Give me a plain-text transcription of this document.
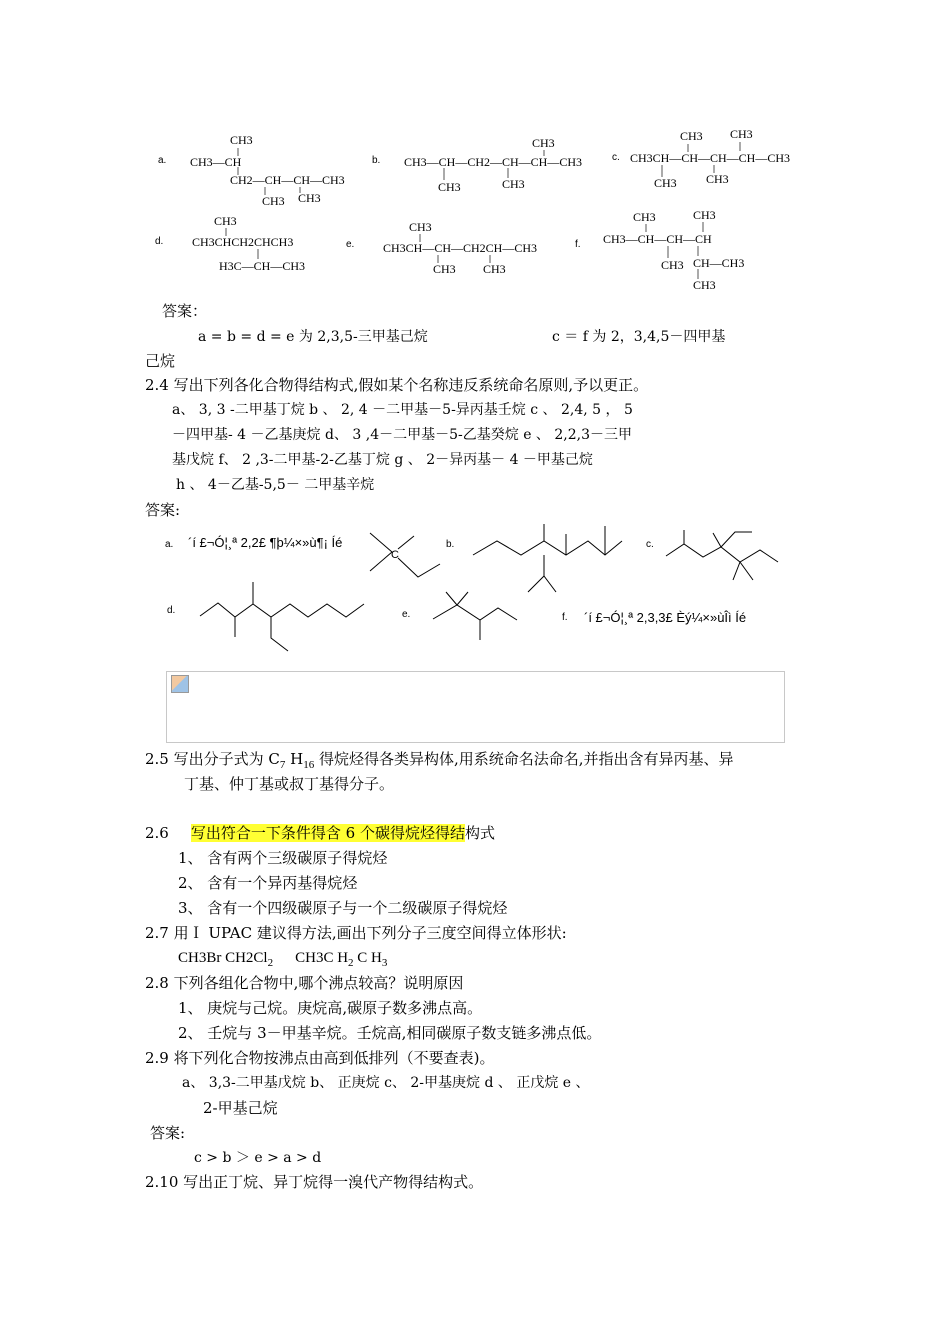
a.

CH3

CH3—CH

CH2—CH—CH—CH3

CH3 CH3

b.

CH3

CH3—CH—CH2—CH—CH—CH3

CH3	CH3

c.

CH3 CH3

CH3CH—CH—CH—CH—CH3

CH3 CH3

d.

CH3

CH3CHCH2CHCH3

H3C—CH—CH3

e.

CH3

CH3CH—CH—CH2CH—CH3

CH3 CH3

f.

CH3	CH3

CH3—CH—CH—CH

CH3 CH—CH3

CH3

答案：
a = b = d = e 为 2,3,5-三甲基己烷	c ＝ f 为 2，3,4,5－四甲基
己烷
2.4 写出下列各化合物得结构式,假如某个名称违反系统命名原则,予以更正。
a、 3, 3 -二甲基丁烷 b 、 2, 4 －二甲基－5-异丙基壬烷 c 、 2,4, 5 ， 5
－四甲基- 4 －乙基庚烷 d、 3 ,4－二甲基－5-乙基癸烷 e 、 2,2,3－三甲
基戊烷 f、 2 ,3-二甲基-2-乙基丁烷 g 、 2－异丙基－ 4 －甲基己烷
h 、 4－乙基-5,5－ 二甲基辛烷
答案:
a. ´í £¬Ó¦¸ª 2,2£ ¶þ¼×»ù¶¡ Íé
C
b.	c.
d.	e.	f. ´í £¬Ó¦¸ª 2,3,3£ Èý¼×»ùÎì Íé
2.5 写出分子式为 $C_7$ $H_{16}$ 得烷烃得各类异构体,用系统命名法命名,并指出含有异丙基、异
丁基、仲丁基或叔丁基得分子。
2.6 写出符合一下条件得含 6 个碳得烷烃得结构式
1、 含有两个三级碳原子得烷烃
2、 含有一个异丙基得烷烃
3、 含有一个四级碳原子与一个二级碳原子得烷烃
2.7 用Ｉ UPAC 建议得方法,画出下列分子三度空间得立体形状:
CH3Br $CH2Cl_2$ CH3C $H_2$ C $H_3$
2.8 下列各组化合物中,哪个沸点较高？说明原因
1、 庚烷与己烷。庚烷高,碳原子数多沸点高。
2、 壬烷与 3－甲基辛烷。壬烷高,相同碳原子数支链多沸点低。
2.9 将下列化合物按沸点由高到低排列（不要查表)。
a、 3,3-二甲基戊烷 b、 正庚烷 c、 2-甲基庚烷 d 、 正戊烷 e 、
2-甲基己烷
答案:
c > b ＞ e > a > d
2.10 写出正丁烷、异丁烷得一溴代产物得结构式。
